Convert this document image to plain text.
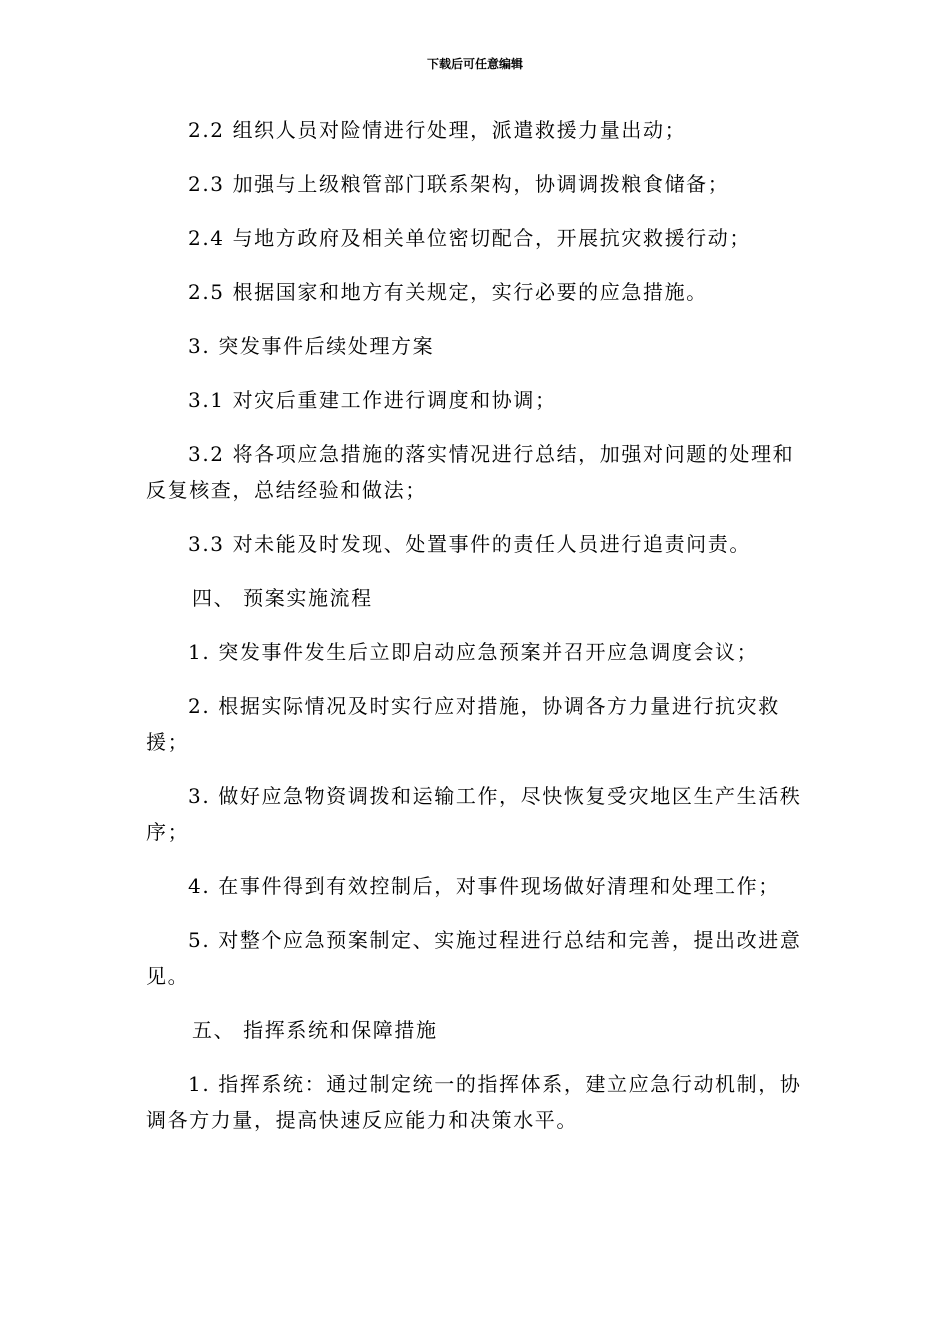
下载后可任意编辑

2.2 组织人员对险情进行处理，派遣救援力量出动；

2.3 加强与上级粮管部门联系架构，协调调拨粮食储备；

2.4 与地方政府及相关单位密切配合，开展抗灾救援行动；

2.5 根据国家和地方有关规定，实行必要的应急措施。

3. 突发事件后续处理方案

3.1 对灾后重建工作进行调度和协调；

3.2 将各项应急措施的落实情况进行总结，加强对问题的处理和反复核查，总结经验和做法；

3.3 对未能及时发现、处置事件的责任人员进行追责问责。

四、 预案实施流程

1. 突发事件发生后立即启动应急预案并召开应急调度会议；

2. 根据实际情况及时实行应对措施，协调各方力量进行抗灾救援；

3. 做好应急物资调拨和运输工作，尽快恢复受灾地区生产生活秩序；

4. 在事件得到有效控制后，对事件现场做好清理和处理工作；

5. 对整个应急预案制定、实施过程进行总结和完善，提出改进意见。

五、 指挥系统和保障措施

1. 指挥系统：通过制定统一的指挥体系，建立应急行动机制，协调各方力量，提高快速反应能力和决策水平。
